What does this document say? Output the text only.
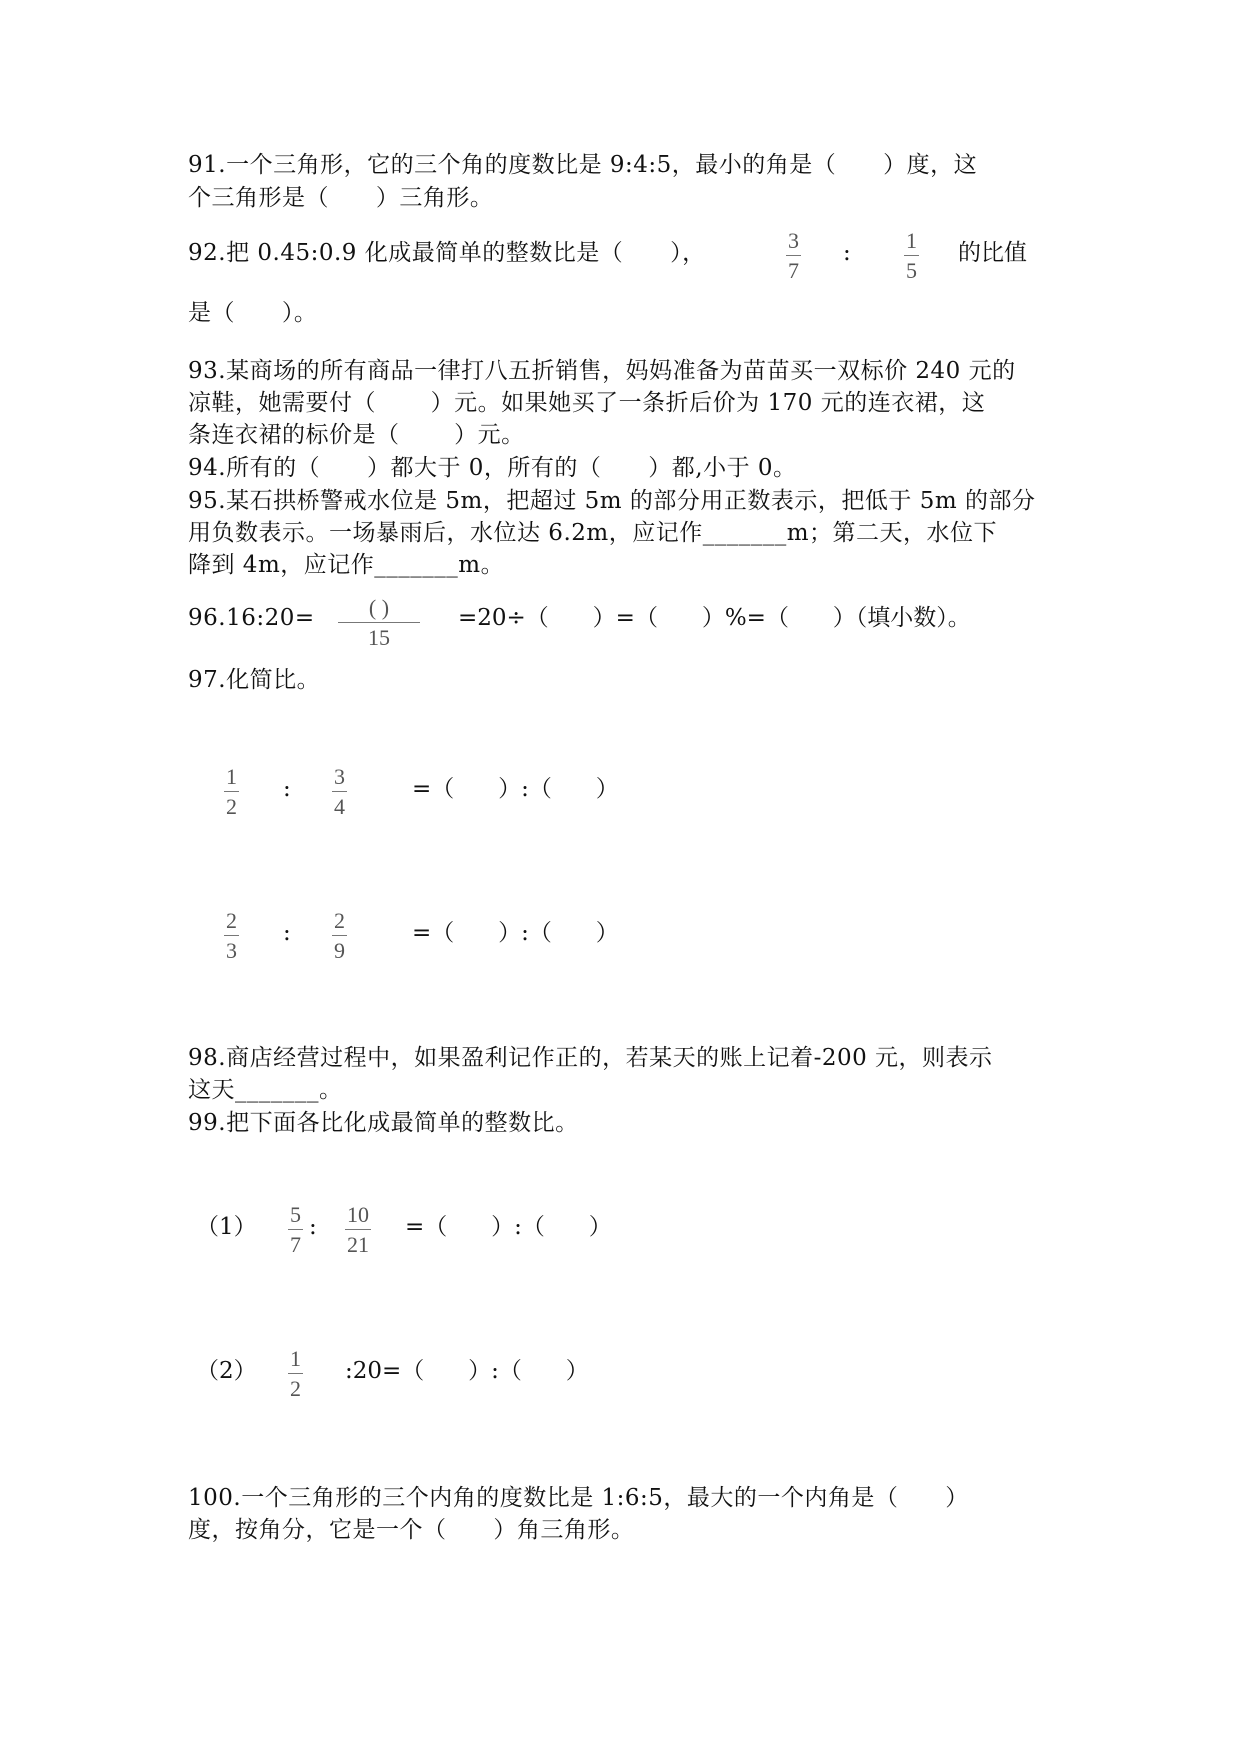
91.一个三角形，它的三个角的度数比是 9:4:5，最小的角是（      ）度，这
个三角形是（      ）三角形。
92.把 0.45:0.9 化成最简单的整数比是（      ），	3
7
:	1
5
的比值
是（      ）。
93.某商场的所有商品一律打八五折销售，妈妈准备为苗苗买一双标价 240 元的
凉鞋，她需要付（       ）元。如果她买了一条折后价为 170 元的连衣裙，这
条连衣裙的标价是（       ）元。
94.所有的（      ）都大于 0，所有的（      ）都,小于 0。
95.某石拱桥警戒水位是 5m，把超过 5m 的部分用正数表示，把低于 5m 的部分
用负数表示。一场暴雨后，水位达 6.2m，应记作_______m；第二天，水位下
降到 4m，应记作_______m。
96.16:20=	( )
15
=20÷（      ）=（      ）%=（      ）（填小数）。
97.化简比。
1
2
: 3
4
=（      ）:（      ）
2
3
: 2
9
=（      ）:（      ）
98.商店经营过程中，如果盈利记作正的，若某天的账上记着-200 元，则表示
这天_______。
99.把下面各比化成最简单的整数比。
（1） 5
7
: 10
21
=（      ）:（      ）
（2） 1
2
:20=（      ）:（      ）
100.一个三角形的三个内角的度数比是 1:6:5，最大的一个内角是（      ）
度，按角分，它是一个（      ）角三角形。
